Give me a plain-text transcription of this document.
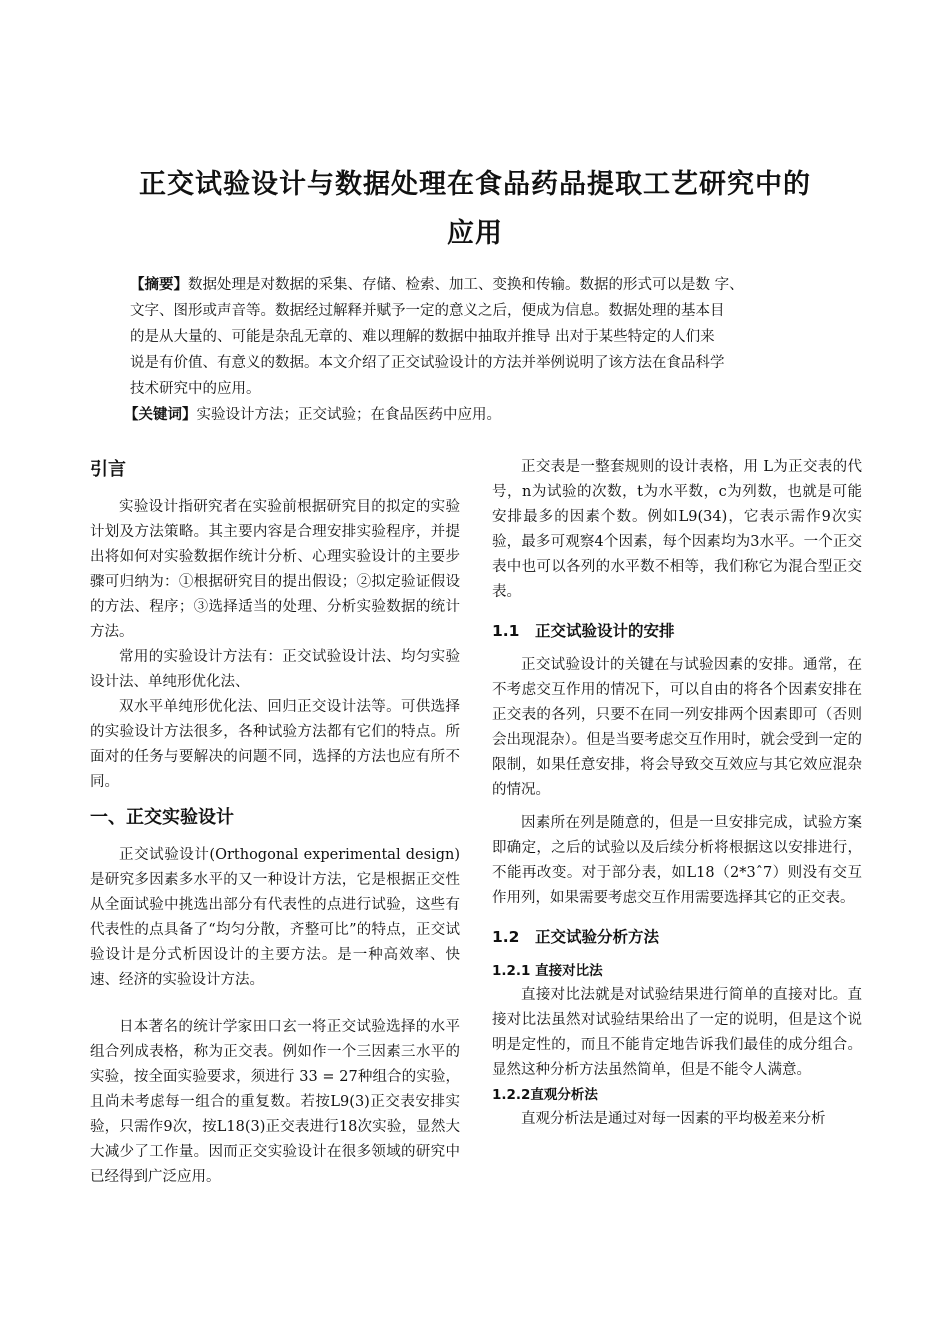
正交试验设计与数据处理在食品药品提取工艺研究中的
应用
【摘要】数据处理是对数据的采集、存储、检索、加工、变换和传输。数据的形式可以是数 字、
文字、图形或声音等。数据经过解释并赋予一定的意义之后，便成为信息。数据处理的基本目
的是从大量的、可能是杂乱无章的、难以理解的数据中抽取并推导 出对于某些特定的人们来
说是有价值、有意义的数据。本文介绍了正交试验设计的方法并举例说明了该方法在食品科学
技术研究中的应用。
【关键词】实验设计方法；正交试验；在食品医药中应用。
引言

实验设计指研究者在实验前根据研究目的拟定的实验计划及方法策略。其主要内容是合理安排实验程序，并提出将如何对实验数据作统计分析、心理实验设计的主要步骤可归纳为：①根据研究目的提出假设；②拟定验证假设的方法、程序；③选择适当的处理、分析实验数据的统计方法。

常用的实验设计方法有：正交试验设计法、均匀实验设计法、单纯形优化法、

双水平单纯形优化法、回归正交设计法等。可供选择的实验设计方法很多，各种试验方法都有它们的特点。所面对的任务与要解决的问题不同，选择的方法也应有所不同。

一、正交实验设计

正交试验设计(Orthogonal experimental design)是研究多因素多水平的又一种设计方法，它是根据正交性从全面试验中挑选出部分有代表性的点进行试验，这些有代表性的点具备了“均匀分散，齐整可比”的特点，正交试验设计是分式析因设计的主要方法。是一种高效率、快速、经济的实验设计方法。

日本著名的统计学家田口玄一将正交试验选择的水平组合列成表格，称为正交表。例如作一个三因素三水平的实验，按全面实验要求，须进行 33 = 27种组合的实验，且尚未考虑每一组合的重复数。若按L9(3)正交表安排实验，只需作9次，按L18(3)正交表进行18次实验，显然大大减少了工作量。因而正交实验设计在很多领域的研究中已经得到广泛应用。

正交表是一整套规则的设计表格，用 L为正交表的代号，n为试验的次数，t为水平数，c为列数，也就是可能安排最多的因素个数。例如L9(34)，它表示需作9次实验，最多可观察4个因素，每个因素均为3水平。一个正交表中也可以各列的水平数不相等，我们称它为混合型正交表。

1.1　正交试验设计的安排

正交试验设计的关键在与试验因素的安排。通常，在不考虑交互作用的情况下，可以自由的将各个因素安排在正交表的各列，只要不在同一列安排两个因素即可（否则会出现混杂）。但是当要考虑交互作用时，就会受到一定的限制，如果任意安排，将会导致交互效应与其它效应混杂的情况。

因素所在列是随意的，但是一旦安排完成，试验方案即确定，之后的试验以及后续分析将根据这以安排进行，不能再改变。对于部分表，如L18（2*3ˆ7）则没有交互作用列，如果需要考虑交互作用需要选择其它的正交表。

1.2　正交试验分析方法
1.2.1 直接对比法

直接对比法就是对试验结果进行简单的直接对比。直接对比法虽然对试验结果给出了一定的说明，但是这个说明是定性的，而且不能肯定地告诉我们最佳的成分组合。显然这种分析方法虽然简单，但是不能令人满意。

1.2.2直观分析法

直观分析法是通过对每一因素的平均极差来分析
